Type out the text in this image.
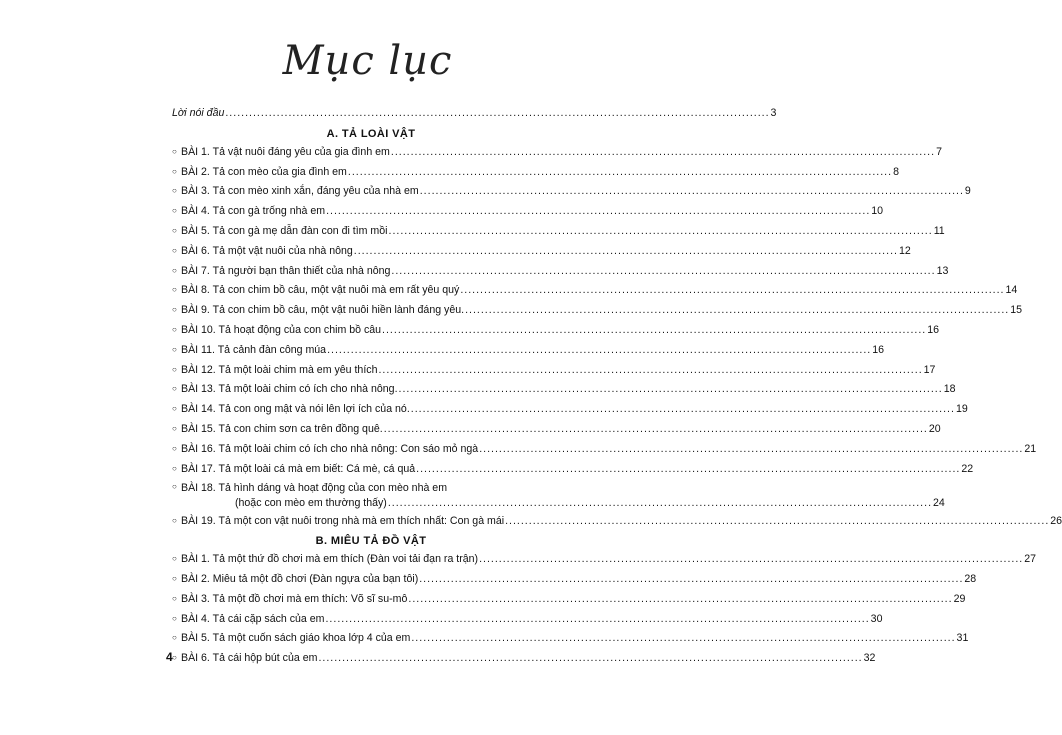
Mục lục
Lời nói đầu .....	3
A. TẢ LOÀI VẬT
○ BÀI 1. Tả vật nuôi đáng yêu của gia đình em .....	7
○ BÀI 2. Tả con mèo của gia đình em .....	8
○ BÀI 3. Tả con mèo xinh xắn, đáng yêu của nhà em .....	9
○ BÀI 4. Tả con gà trống nhà em .....	10
○ BÀI 5. Tả con gà mẹ dẫn đàn con đi tìm mồi .....	11
○ BÀI 6. Tả một vật nuôi của nhà nông .....	12
○ BÀI 7. Tả người bạn thân thiết của nhà nông .....	13
○ BÀI 8. Tả con chim bồ câu, một vật nuôi mà em rất yêu quý .....	14
○ BÀI 9. Tả con chim bồ câu, một vật nuôi hiền lành đáng yêu. .....	15
○ BÀI 10. Tả hoạt động của con chim bồ câu .....	16
○ BÀI 11. Tả cảnh đàn công múa .....	16
○ BÀI 12. Tả một loài chim mà em yêu thích .....	17
○ BÀI 13. Tả một loài chim có ích cho nhà nông. .....	18
○ BÀI 14. Tả con ong mật và nói lên lợi ích của nó. .....	19
○ BÀI 15. Tả con chim sơn ca trên đồng quê. .....	20
○ BÀI 16. Tả một loài chim có ích cho nhà nông: Con sáo mỏ ngà .....	21
○ BÀI 17. Tả một loài cá mà em biết: Cá mè, cá quả .....	22
○ BÀI 18. Tả hình dáng và hoạt động của con mèo nhà em
(hoặc con mèo em thường thấy) .....	24
○ BÀI 19. Tả một con vật nuôi trong nhà mà em thích nhất: Con gà mái .....	26
B. MIÊU TẢ ĐỒ VẬT
○ BÀI 1. Tả một thứ đồ chơi mà em thích (Đàn voi tải đạn ra trận) .....	27
○ BÀI 2. Miêu tả một đồ chơi (Đàn ngựa của bạn tôi) .....	28
○ BÀI 3. Tả một đồ chơi mà em thích: Võ sĩ su-mô .....	29
○ BÀI 4. Tả cái cặp sách của em .....	30
○ BÀI 5. Tả một cuốn sách giáo khoa lớp 4 của em .....	31
○ BÀI 6. Tả cái hộp bút của em .....	32
4
